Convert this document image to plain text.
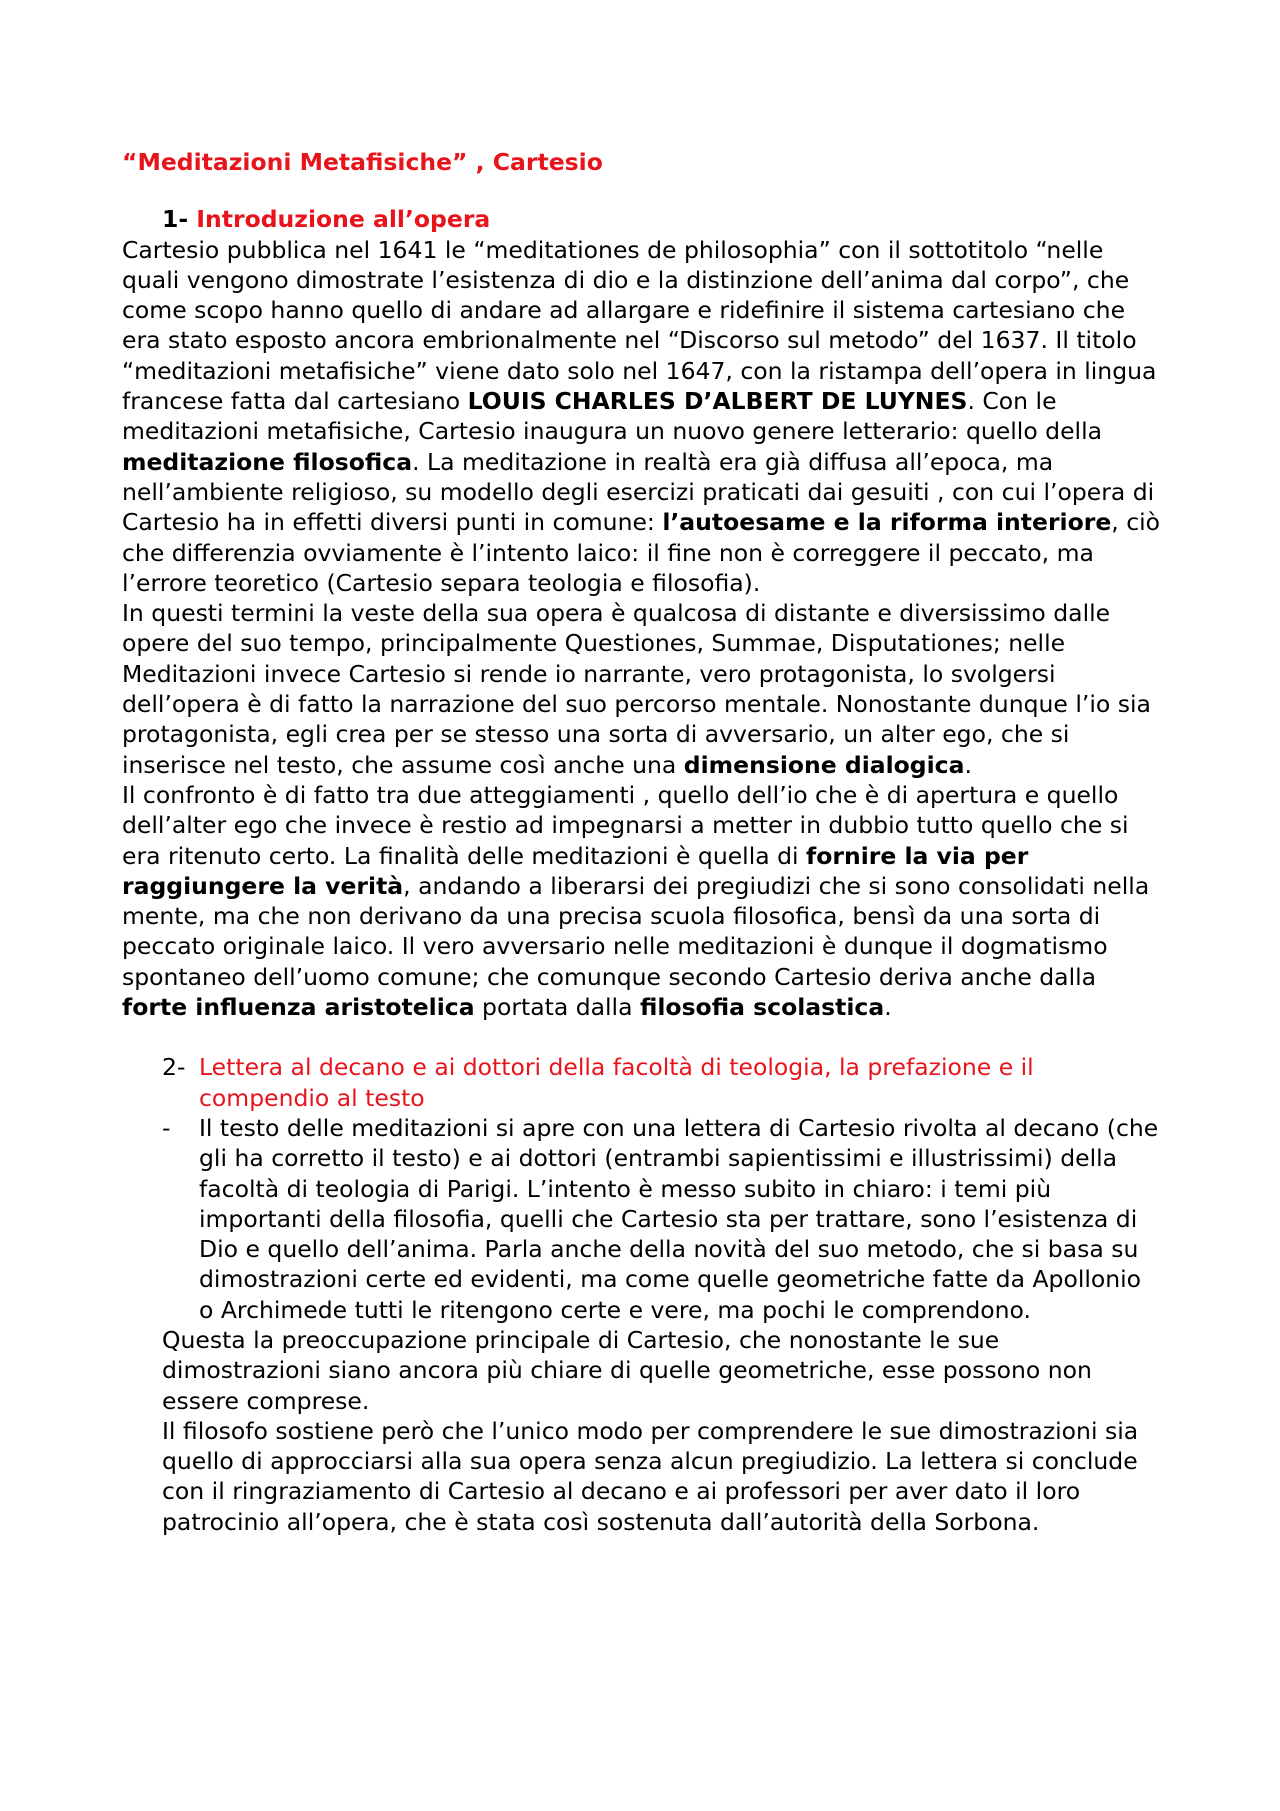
“Meditazioni Metafisiche” , Cartesio
1- Introduzione all’opera

Cartesio pubblica nel 1641 le “meditationes de philosophia” con il sottotitolo “nelle quali vengono dimostrate l’esistenza di dio e la distinzione dell’anima dal corpo”, che come scopo hanno quello di andare ad allargare e ridefinire il sistema cartesiano che era stato esposto ancora embrionalmente nel “Discorso sul metodo” del 1637. Il titolo “meditazioni metafisiche” viene dato solo nel 1647, con la ristampa dell’opera in lingua francese fatta dal cartesiano LOUIS CHARLES D’ALBERT DE LUYNES. Con le meditazioni metafisiche, Cartesio inaugura un nuovo genere letterario: quello della meditazione filosofica. La meditazione in realtà era già diffusa all’epoca, ma nell’ambiente religioso, su modello degli esercizi praticati dai gesuiti , con cui l’opera di Cartesio ha in effetti diversi punti in comune: l’autoesame e la riforma interiore, ciò che differenzia ovviamente è l’intento laico: il fine non è correggere il peccato, ma l’errore teoretico (Cartesio separa teologia e filosofia).

In questi termini la veste della sua opera è qualcosa di distante e diversissimo dalle opere del suo tempo, principalmente Questiones, Summae, Disputationes; nelle Meditazioni invece Cartesio si rende io narrante, vero protagonista, lo svolgersi dell’opera è di fatto la narrazione del suo percorso mentale. Nonostante dunque l’io sia protagonista, egli crea per se stesso una sorta di avversario, un alter ego, che si inserisce nel testo, che assume così anche una dimensione dialogica.

Il confronto è di fatto tra due atteggiamenti , quello dell’io che è di apertura e quello dell’alter ego che invece è restio ad impegnarsi a metter in dubbio tutto quello che si era ritenuto certo. La finalità delle meditazioni è quella di fornire la via per raggiungere la verità, andando a liberarsi dei pregiudizi che si sono consolidati nella mente, ma che non derivano da una precisa scuola filosofica, bensì da una sorta di peccato originale laico. Il vero avversario nelle meditazioni è dunque il dogmatismo spontaneo dell’uomo comune; che comunque secondo Cartesio deriva anche dalla forte influenza aristotelica portata dalla filosofia scolastica.

2- Lettera al decano e ai dottori della facoltà di teologia, la prefazione e il compendio al testo
- Il testo delle meditazioni si apre con una lettera di Cartesio rivolta al decano (che gli ha corretto il testo) e ai dottori (entrambi sapientissimi e illustrissimi) della facoltà di teologia di Parigi. L’intento è messo subito in chiaro: i temi più importanti della filosofia, quelli che Cartesio sta per trattare, sono l’esistenza di Dio e quello dell’anima. Parla anche della novità del suo metodo, che si basa su dimostrazioni certe ed evidenti, ma come quelle geometriche fatte da Apollonio o Archimede tutti le ritengono certe e vere, ma pochi le comprendono.

Questa la preoccupazione principale di Cartesio, che nonostante le sue dimostrazioni siano ancora più chiare di quelle geometriche, esse possono non essere comprese.

Il filosofo sostiene però che l’unico modo per comprendere le sue dimostrazioni sia quello di approcciarsi alla sua opera senza alcun pregiudizio. La lettera si conclude con il ringraziamento di Cartesio al decano e ai professori per aver dato il loro patrocinio all’opera, che è stata così sostenuta dall’autorità della Sorbona.
